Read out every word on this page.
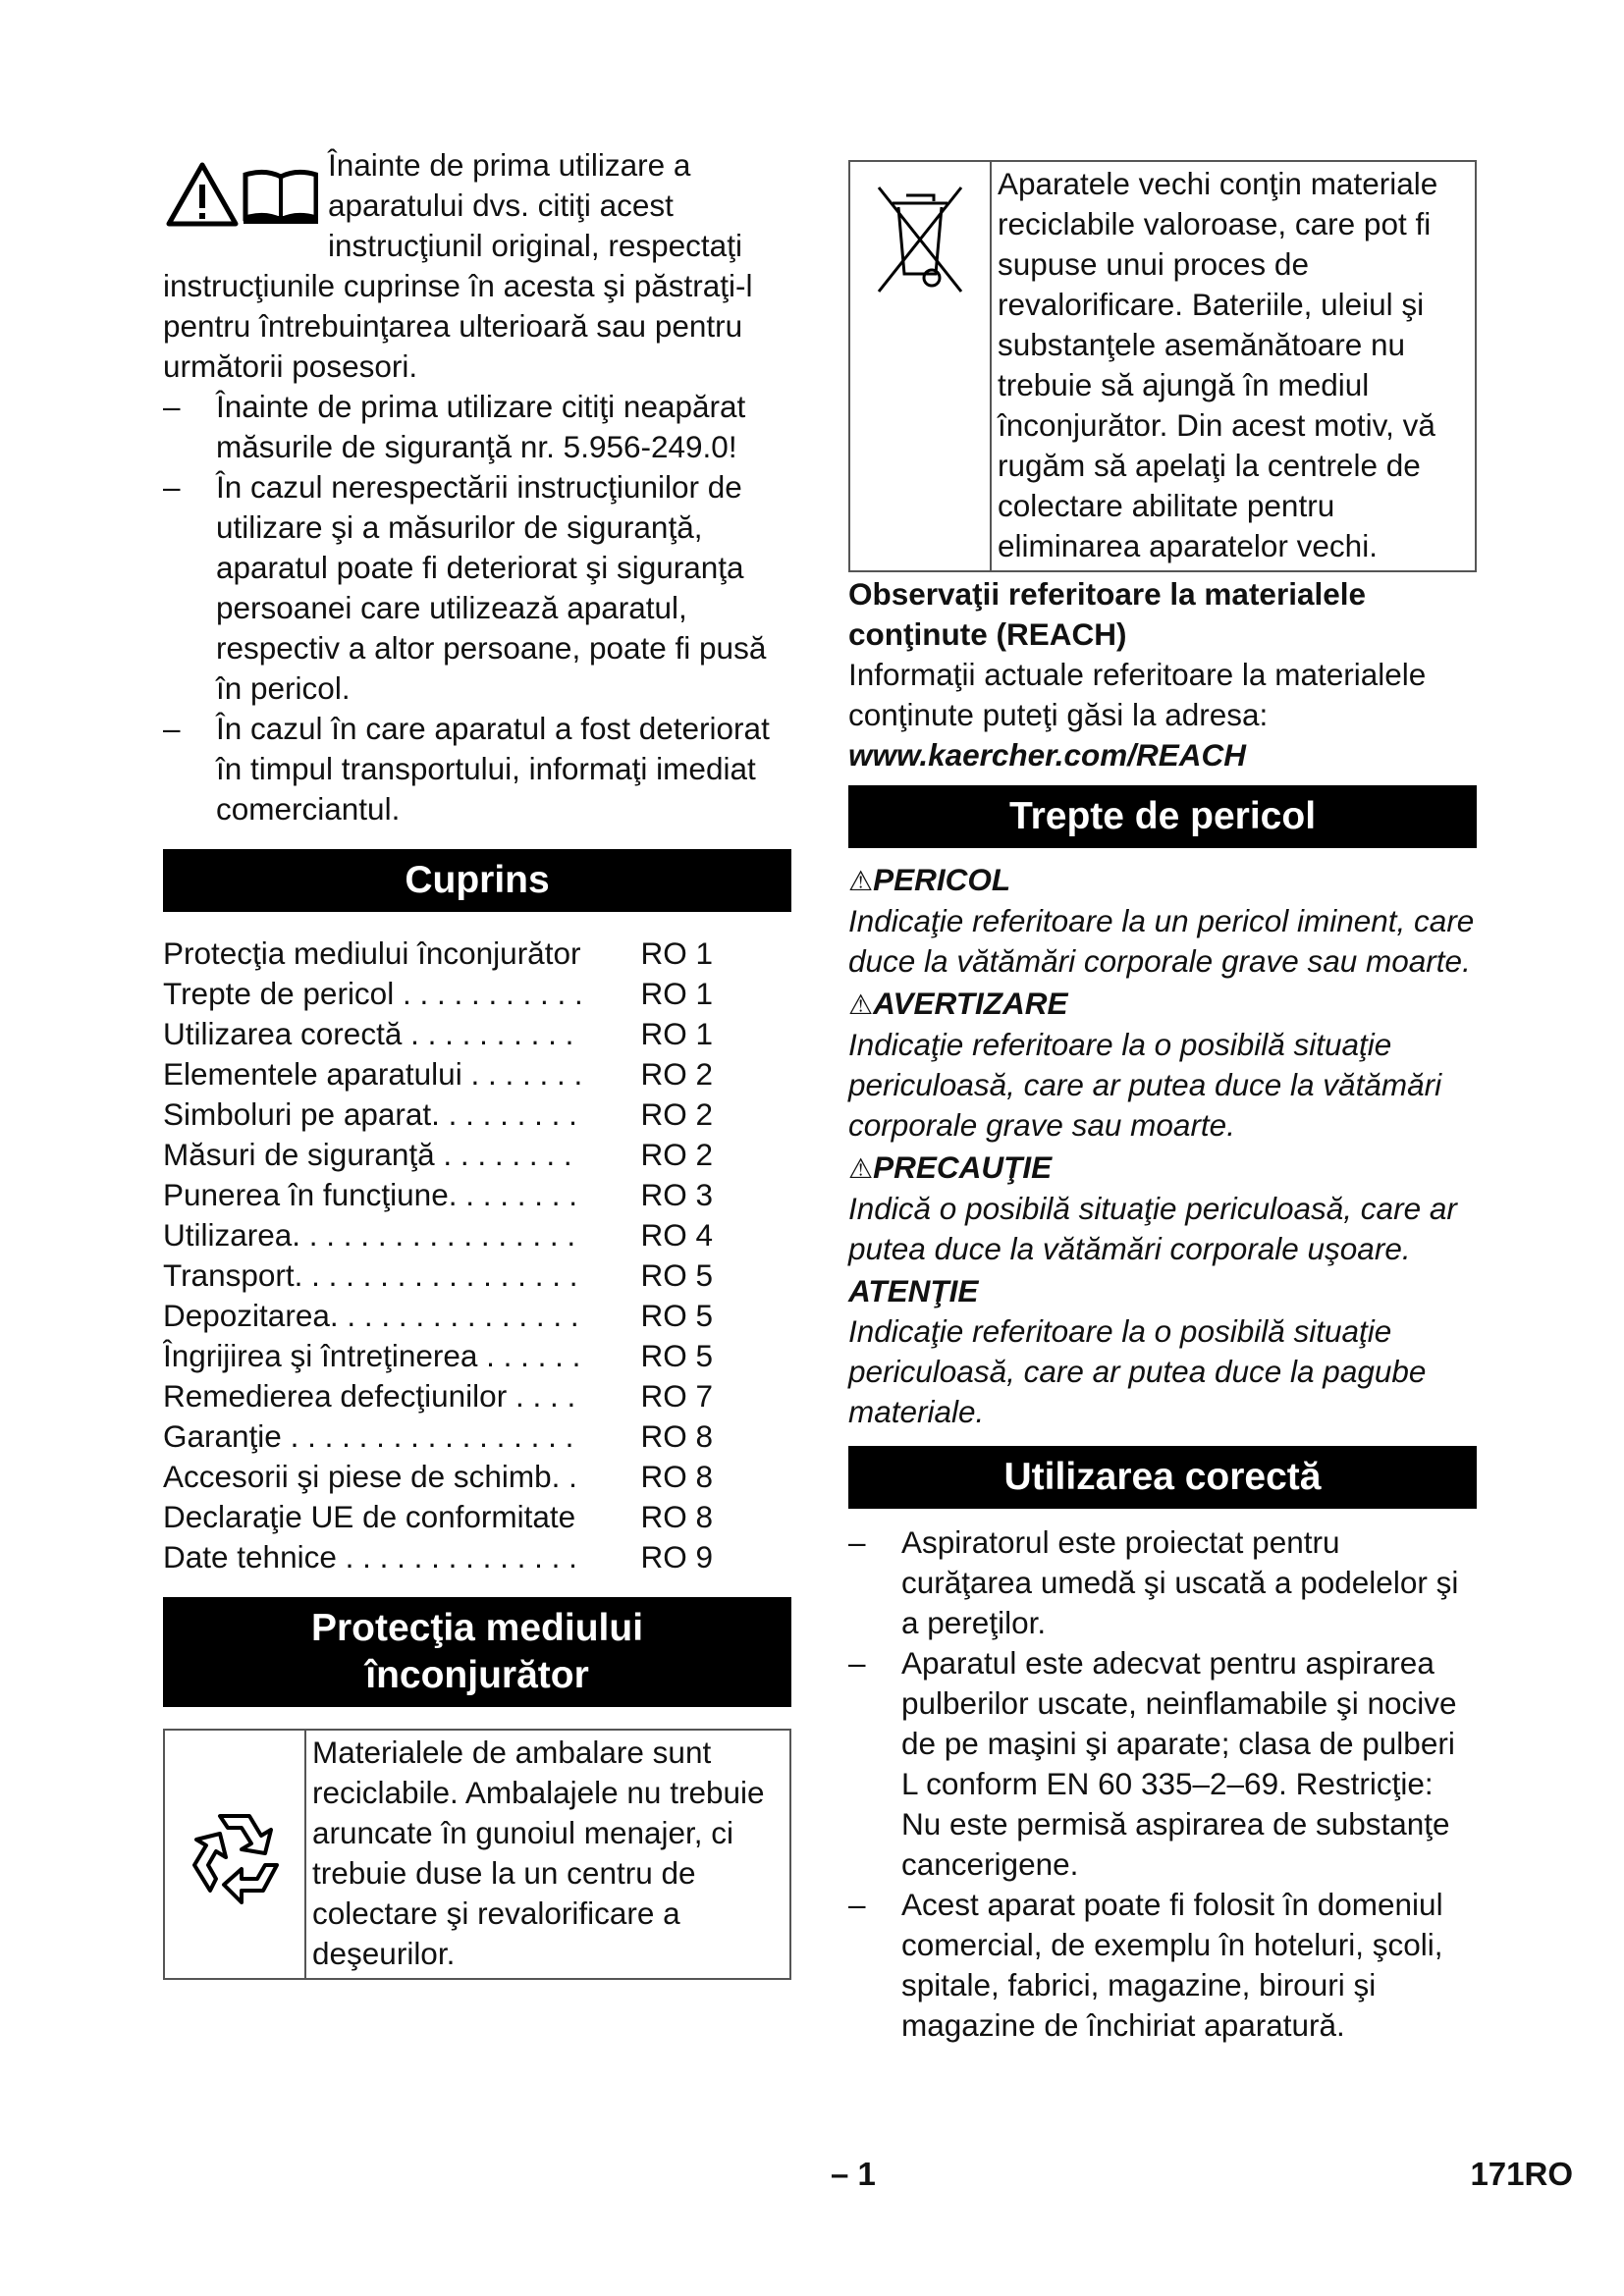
Înainte de prima utilizare a aparatului dvs. citiţi acest instrucţiunil original, respectaţi instrucţiunile cuprinse în acesta şi păstraţi-l pentru întrebuinţarea ulterioară sau pentru următorii posesori.

– Înainte de prima utilizare citiţi neapărat măsurile de siguranţă nr. 5.956-249.0!
– În cazul nerespectării instrucţiunilor de utilizare şi a măsurilor de siguranţă, aparatul poate fi deteriorat şi siguranţa persoanei care utilizează aparatul, respectiv a altor persoane, poate fi pusă în pericol.
– În cazul în care aparatul a fost deteriorat în timpul transportului, informaţi imediat comerciantul.
Cuprins
Protecţia mediului înconjurător RO 1
Trepte de pericol . . . . . . . . . . . RO 1
Utilizarea corectă . . . . . . . . . . RO 1
Elementele aparatului . . . . . . . RO 2
Simboluri pe aparat. . . . . . . . . RO 2
Măsuri de siguranţă . . . . . . . . RO 2
Punerea în funcţiune. . . . . . . . RO 3
Utilizarea. . . . . . . . . . . . . . . . . RO 4
Transport. . . . . . . . . . . . . . . . . RO 5
Depozitarea. . . . . . . . . . . . . . . RO 5
Îngrijirea şi întreţinerea . . . . . . RO 5
Remedierea defecţiunilor . . . . RO 7
Garanţie . . . . . . . . . . . . . . . . . RO 8
Accesorii şi piese de schimb. . RO 8
Declaraţie UE de conformitate RO 8
Date tehnice . . . . . . . . . . . . . . RO 9
Protecţia mediului
înconjurător
Materialele de ambalare sunt reciclabile. Ambalajele nu trebuie aruncate în gunoiul menajer, ci trebuie duse la un centru de colectare şi revalorificare a deşeurilor.
Aparatele vechi conţin materiale reciclabile valoroase, care pot fi supuse unui proces de revalorificare. Bateriile, uleiul şi substanţele asemănătoare nu trebuie să ajungă în mediul înconjurător. Din acest motiv, vă rugăm să apelaţi la centrele de colectare abilitate pentru eliminarea aparatelor vechi.

Observaţii referitoare la materialele conţinute (REACH)

Informaţii actuale referitoare la materialele conţinute puteţi găsi la adresa:

www.kaercher.com/REACH

Trepte de pericol

⚠PERICOL

Indicaţie referitoare la un pericol iminent, care duce la vătămări corporale grave sau moarte.

⚠AVERTIZARE

Indicaţie referitoare la o posibilă situaţie periculoasă, care ar putea duce la vătămări corporale grave sau moarte.

⚠PRECAUŢIE

Indică o posibilă situaţie periculoasă, care ar putea duce la vătămări corporale uşoare.

ATENŢIE

Indicaţie referitoare la o posibilă situaţie periculoasă, care ar putea duce la pagube materiale.

Utilizarea corectă
– Aspiratorul este proiectat pentru curăţarea umedă şi uscată a podelelor şi a pereţilor.
– Aparatul este adecvat pentru aspirarea pulberilor uscate, neinflamabile şi nocive de pe maşini şi aparate; clasa de pulberi L conform EN 60 335–2–69. Restricţie: Nu este permisă aspirarea de substanţe cancerigene.
– Acest aparat poate fi folosit în domeniul comercial, de exemplu în hoteluri, şcoli, spitale, fabrici, magazine, birouri şi magazine de închiriat aparatură.
– 1	171RO
